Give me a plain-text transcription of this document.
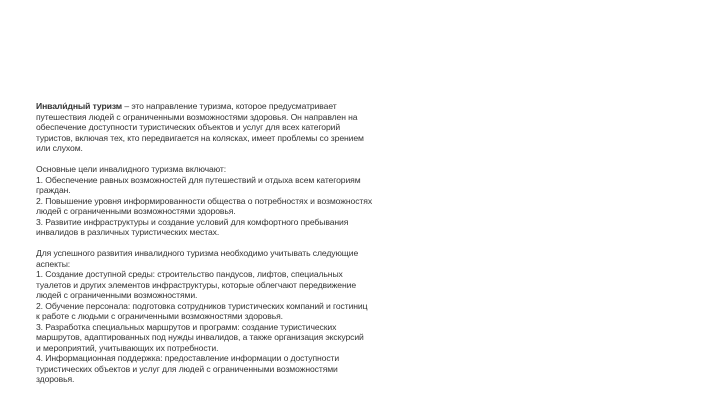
Инвали́дный туризм – это направление туризма, которое предусматривает
путешествия людей с ограниченными возможностями здоровья. Он направлен на
обеспечение доступности туристических объектов и услуг для всех категорий
туристов, включая тех, кто передвигается на колясках, имеет проблемы со зрением
или слухом.

Основные цели инвалидного туризма включают:
1. Обеспечение равных возможностей для путешествий и отдыха всем категориям
граждан.
2. Повышение уровня информированности общества о потребностях и возможностях
людей с ограниченными возможностями здоровья.
3. Развитие инфраструктуры и создание условий для комфортного пребывания
инвалидов в различных туристических местах.

Для успешного развития инвалидного туризма необходимо учитывать следующие
аспекты:
1. Создание доступной среды: строительство пандусов, лифтов, специальных
туалетов и других элементов инфраструктуры, которые облегчают передвижение
людей с ограниченными возможностями.
2. Обучение персонала: подготовка сотрудников туристических компаний и гостиниц
к работе с людьми с ограниченными возможностями здоровья.
3. Разработка специальных маршрутов и программ: создание туристических
маршрутов, адаптированных под нужды инвалидов, а также организация экскурсий
и мероприятий, учитывающих их потребности.
4. Информационная поддержка: предоставление информации о доступности
туристических объектов и услуг для людей с ограниченными возможностями
здоровья.
